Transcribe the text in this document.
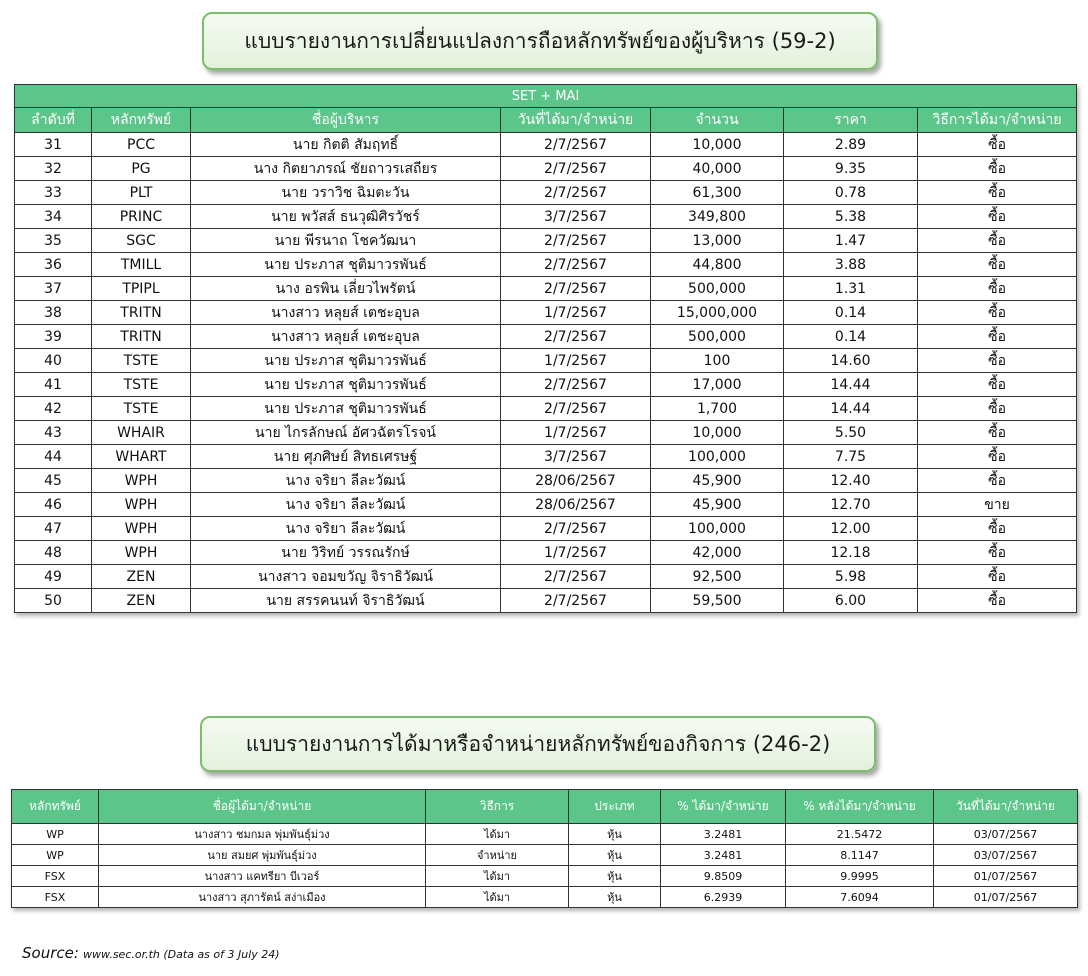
แบบรายงานการเปลี่ยนแปลงการถือหลักทรัพย์ของผู้บริหาร (59-2)
SET + MAI						
ลำดับที่	หลักทรัพย์	ชื่อผู้บริหาร	วันที่ได้มา/จำหน่าย	จำนวน	ราคา	วิธีการได้มา/จำหน่าย
31	PCC	นาย กิตติ สัมฤทธิ์	2/7/2567	10,000	2.89	ซื้อ
32	PG	นาง กิตยาภรณ์ ชัยถาวรเสถียร	2/7/2567	40,000	9.35	ซื้อ
33	PLT	นาย วราวิช ฉิมตะวัน	2/7/2567	61,300	0.78	ซื้อ
34	PRINC	นาย พวัสส์ ธนวุฒิศิรวัชร์	3/7/2567	349,800	5.38	ซื้อ
35	SGC	นาย พีรนาถ โชควัฒนา	2/7/2567	13,000	1.47	ซื้อ
36	TMILL	นาย ประภาส ชุติมาวรพันธ์	2/7/2567	44,800	3.88	ซื้อ
37	TPIPL	นาง อรพิน เลี่ยวไพรัตน์	2/7/2567	500,000	1.31	ซื้อ
38	TRITN	นางสาว หลุยส์ เตชะอุบล	1/7/2567	15,000,000	0.14	ซื้อ
39	TRITN	นางสาว หลุยส์ เตชะอุบล	2/7/2567	500,000	0.14	ซื้อ
40	TSTE	นาย ประภาส ชุติมาวรพันธ์	1/7/2567	100	14.60	ซื้อ
41	TSTE	นาย ประภาส ชุติมาวรพันธ์	2/7/2567	17,000	14.44	ซื้อ
42	TSTE	นาย ประภาส ชุติมาวรพันธ์	2/7/2567	1,700	14.44	ซื้อ
43	WHAIR	นาย ไกรลักษณ์ อัศวฉัตรโรจน์	1/7/2567	10,000	5.50	ซื้อ
44	WHART	นาย ศุภศิษย์ สิทธเศรษฐ์	3/7/2567	100,000	7.75	ซื้อ
45	WPH	นาง จริยา ลีละวัฒน์	28/06/2567	45,900	12.40	ซื้อ
46	WPH	นาง จริยา ลีละวัฒน์	28/06/2567	45,900	12.70	ขาย
47	WPH	นาง จริยา ลีละวัฒน์	2/7/2567	100,000	12.00	ซื้อ
48	WPH	นาย วิริทย์ วรรณรักษ์	1/7/2567	42,000	12.18	ซื้อ
49	ZEN	นางสาว จอมขวัญ จิราธิวัฒน์	2/7/2567	92,500	5.98	ซื้อ
50	ZEN	นาย สรรคนนท์ จิราธิวัฒน์	2/7/2567	59,500	6.00	ซื้อ
แบบรายงานการได้มาหรือจำหน่ายหลักทรัพย์ของกิจการ (246-2)
หลักทรัพย์	ชื่อผู้ได้มา/จำหน่าย	วิธีการ	ประเภท	% ได้มา/จำหน่าย	% หลังได้มา/จำหน่าย	วันที่ได้มา/จำหน่าย
WP	นางสาว ชมกมล พุ่มพันธุ์ม่วง	ได้มา	หุ้น	3.2481	21.5472	03/07/2567
WP	นาย สมยศ พุ่มพันธุ์ม่วง	จำหน่าย	หุ้น	3.2481	8.1147	03/07/2567
FSX	นางสาว แคทรียา บีเวอร์	ได้มา	หุ้น	9.8509	9.9995	01/07/2567
FSX	นางสาว สุภารัตน์ สง่าเมือง	ได้มา	หุ้น	6.2939	7.6094	01/07/2567
Source: www.sec.or.th (Data as of 3 July 24)
